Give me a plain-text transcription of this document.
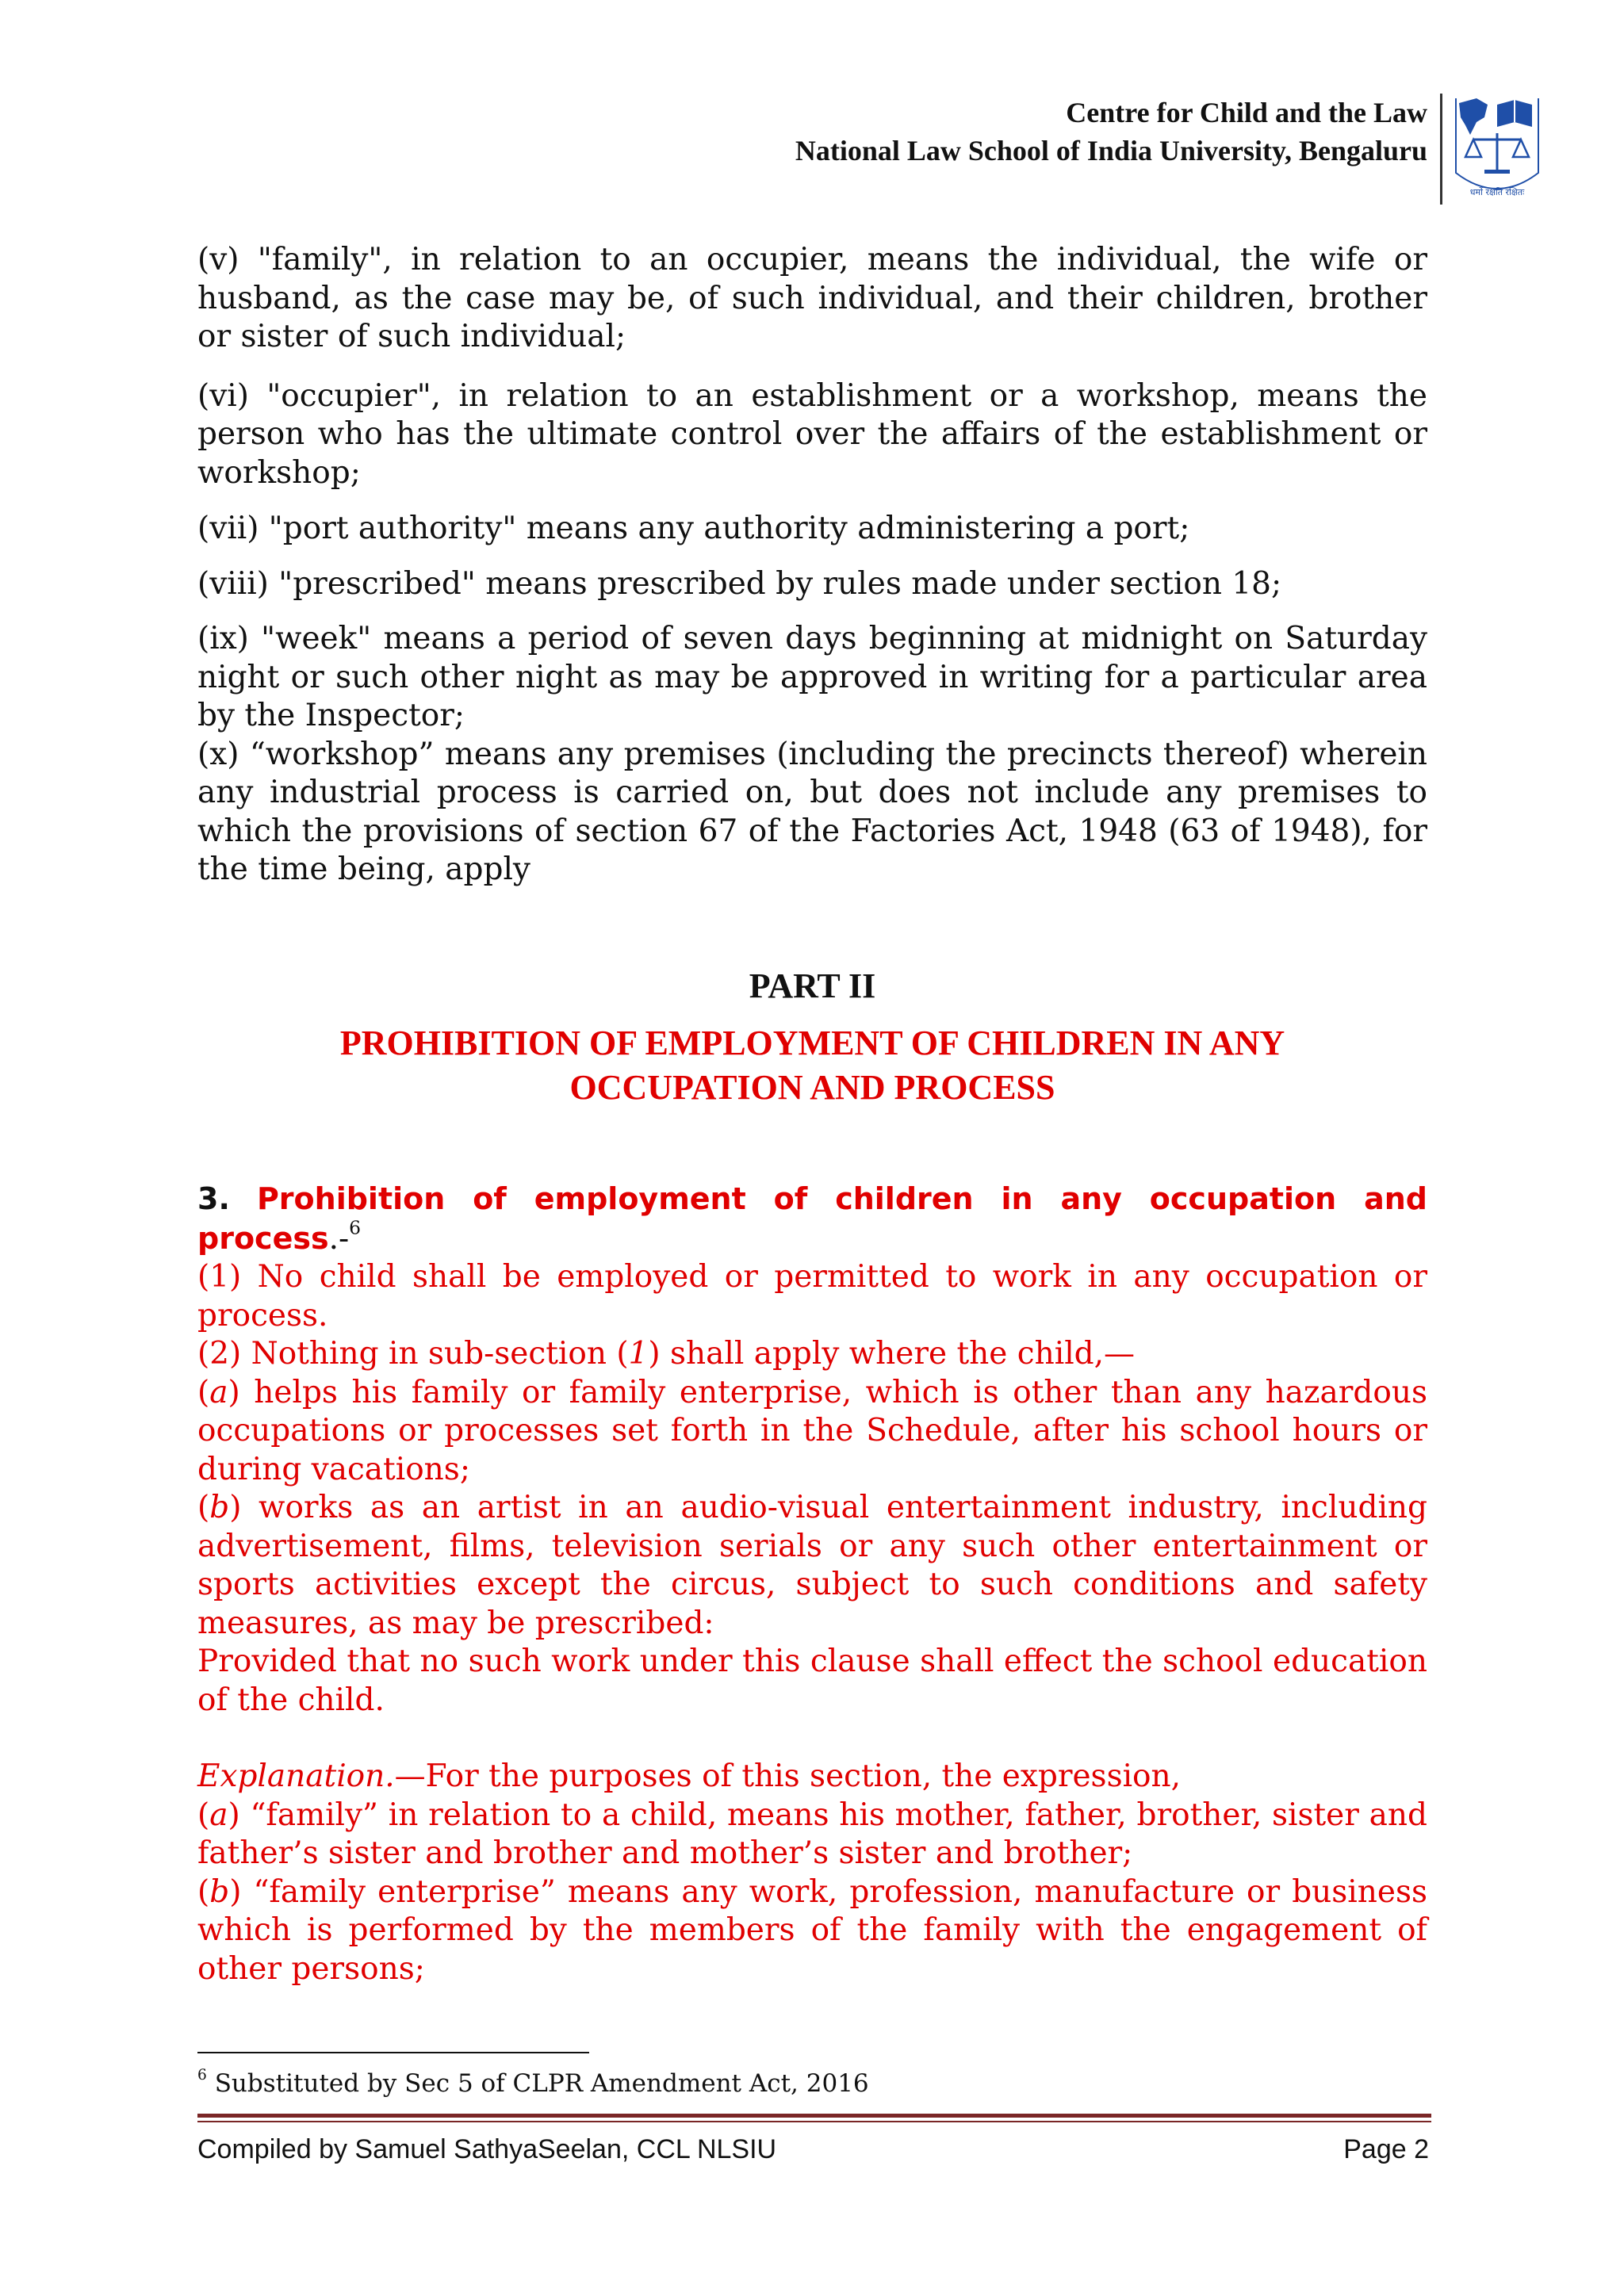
Centre for Child and the Law
National Law School of India University, Bengaluru
धर्मो रक्षति रक्षितः

(v) "family", in relation to an occupier, means the individual, the wife or husband, as the case may be, of such individual, and their children, brother or sister of such individual;

(vi) "occupier", in relation to an establishment or a workshop, means the person who has the ultimate control over the affairs of the establishment or workshop;

(vii) "port authority" means any authority administering a port;

(viii) "prescribed" means prescribed by rules made under section 18;

(ix) "week" means a period of seven days beginning at midnight on Saturday night or such other night as may be approved in writing for a particular area by the Inspector;

(x) “workshop” means any premises (including the precincts thereof) wherein any industrial process is carried on, but does not include any premises to which the provisions of section 67 of the Factories Act, 1948 (63 of 1948), for the time being, apply

PART II
PROHIBITION OF EMPLOYMENT OF CHILDREN IN ANY
OCCUPATION AND PROCESS

3. Prohibition of employment of children in any occupation and process.-$^6$

(1) No child shall be employed or permitted to work in any occupation or process.

(2) Nothing in sub-section (1) shall apply where the child,—

(a) helps his family or family enterprise, which is other than any hazardous occupations or processes set forth in the Schedule, after his school hours or during vacations;

(b) works as an artist in an audio-visual entertainment industry, including advertisement, films, television serials or any such other entertainment or sports activities except the circus, subject to such conditions and safety measures, as may be prescribed:

Provided that no such work under this clause shall effect the school education of the child.

Explanation.—For the purposes of this section, the expression,

(a) “family” in relation to a child, means his mother, father, brother, sister and father’s sister and brother and mother’s sister and brother;

(b) “family enterprise” means any work, profession, manufacture or business which is performed by the members of the family with the engagement of other persons;

$^6$ Substituted by Sec 5 of CLPR Amendment Act, 2016
Compiled by Samuel SathyaSeelan, CCL NLSIU	Page 2
